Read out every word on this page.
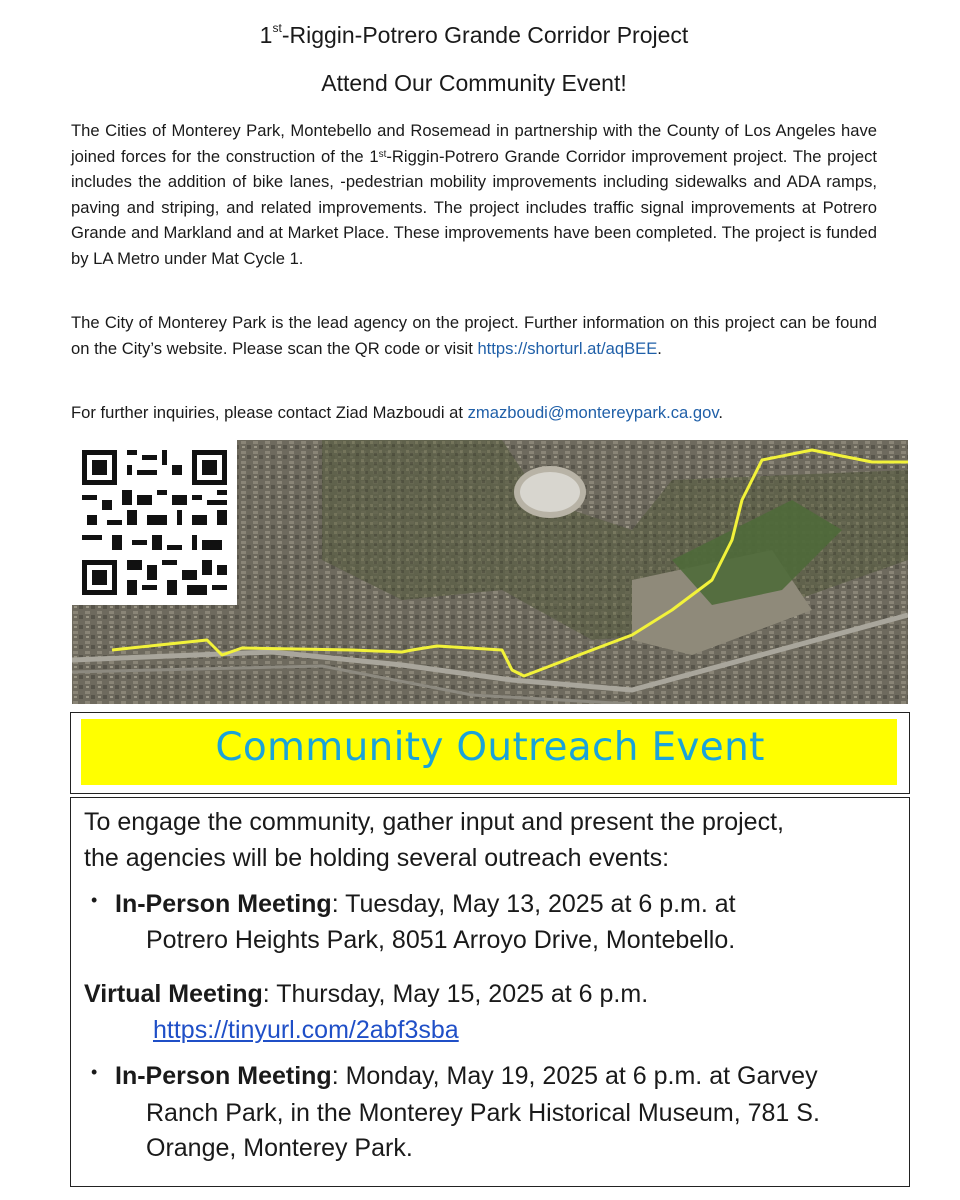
1st-Riggin-Potrero Grande Corridor Project
Attend Our Community Event!
The Cities of Monterey Park, Montebello and Rosemead in partnership with the County of Los Angeles have joined forces for the construction of the 1st-Riggin-Potrero Grande Corridor improvement project. The project includes the addition of bike lanes, -pedestrian mobility improvements including sidewalks and ADA ramps, paving and striping, and related improvements. The project includes traffic signal improvements at Potrero Grande and Markland and at Market Place. These improvements have been completed. The project is funded by LA Metro under Mat Cycle 1.
The City of Monterey Park is the lead agency on the project. Further information on this project can be found on the City’s website. Please scan the QR code or visit https://shorturl.at/aqBEE.
For further inquiries, please contact Ziad Mazboudi at zmazboudi@montereypark.ca.gov.
Community Outreach Event
To engage the community, gather input and present the project,
the agencies will be holding several outreach events:
• In-Person Meeting: Tuesday, May 13, 2025 at 6 p.m. at
Potrero Heights Park, 8051 Arroyo Drive, Montebello.
Virtual Meeting: Thursday, May 15, 2025 at 6 p.m.
https://tinyurl.com/2abf3sba
• In-Person Meeting: Monday, May 19, 2025 at 6 p.m. at Garvey
Ranch Park, in the Monterey Park Historical Museum, 781 S.
Orange, Monterey Park.
